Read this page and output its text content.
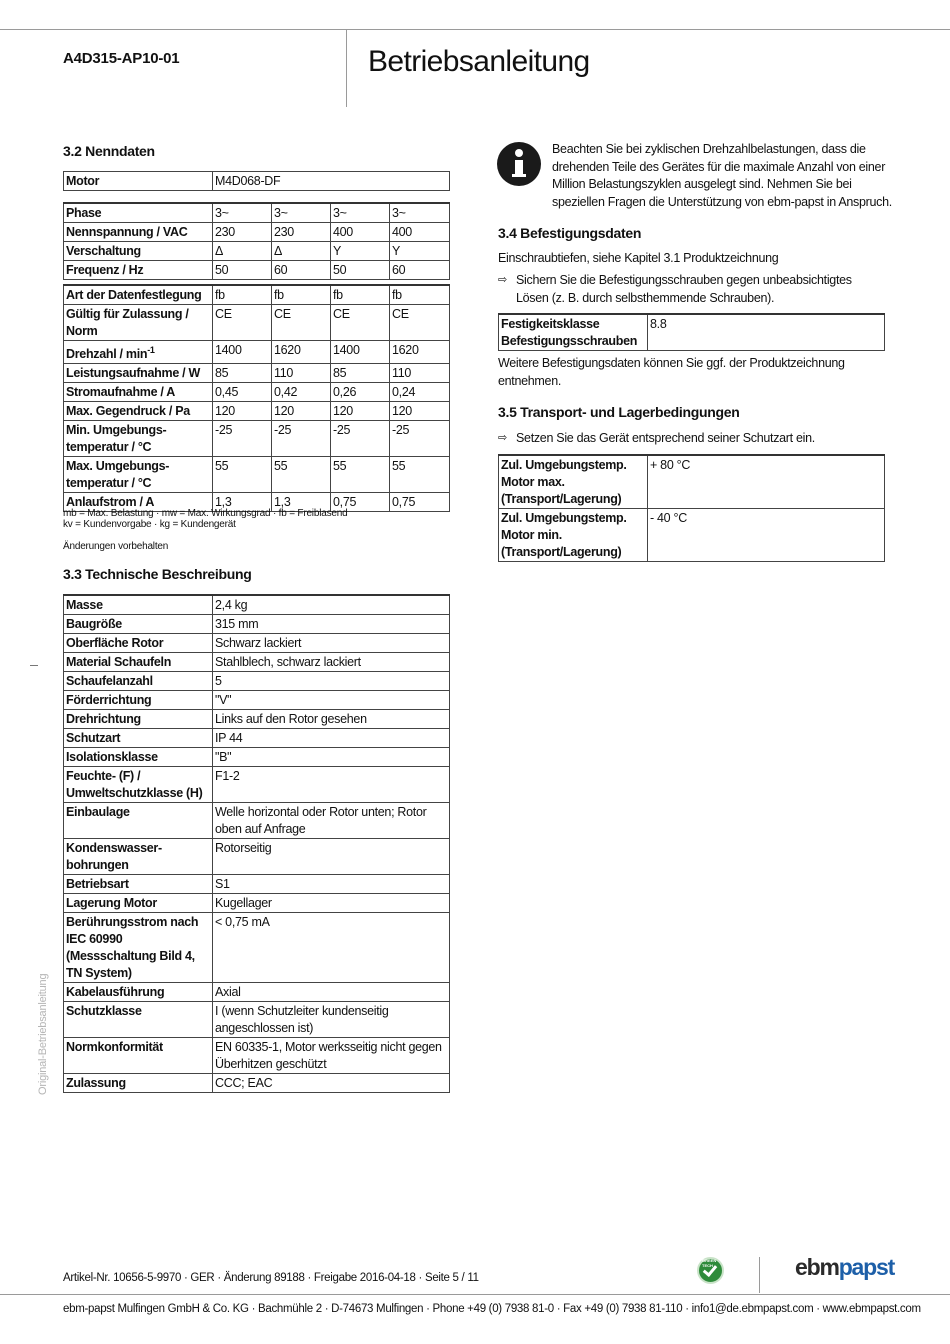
A4D315-AP10-01	Betriebsanleitung
Original-Betriebsanleitung
3.2 Nenndaten
Motor	M4D068-DF
Phase	3~	3~	3~	3~
Nennspannung / VAC	230	230	400	400
Verschaltung	Δ	Δ	Y	Y
Frequenz / Hz	50	60	50	60
Art der Datenfestlegung	fb	fb	fb	fb
Gültig für Zulassung / Norm	CE	CE	CE	CE
Drehzahl / $\min^{-1}$	1400	1620	1400	1620
Leistungsaufnahme / W	85	110	85	110
Stromaufnahme / A	0,45	0,42	0,26	0,24
Max. Gegendruck / Pa	120	120	120	120
Min. Umgebungs- temperatur / °C	-25	-25	-25	-25
Max. Umgebungs- temperatur / °C	55	55	55	55
Anlaufstrom / A	1,3	1,3	0,75	0,75
mb = Max. Belastung · mw = Max. Wirkungsgrad · fb = Freiblasend
kv = Kundenvorgabe · kg = Kundengerät
Änderungen vorbehalten
3.3 Technische Beschreibung
Masse	2,4 kg
Baugröße	315 mm
Oberfläche Rotor	Schwarz lackiert
Material Schaufeln	Stahlblech, schwarz lackiert
Schaufelanzahl	5
Förderrichtung	"V"
Drehrichtung	Links auf den Rotor gesehen
Schutzart	IP 44
Isolationsklasse	"B"
Feuchte- (F) / Umweltschutzklasse (H)	F1-2
Einbaulage	Welle horizontal oder Rotor unten; Rotor oben auf Anfrage
Kondenswasser- bohrungen	Rotorseitig
Betriebsart	S1
Lagerung Motor	Kugellager
Berührungsstrom nach IEC 60990 (Messschaltung Bild 4, TN System)	< 0,75 mA
Kabelausführung	Axial
Schutzklasse	I (wenn Schutzleiter kundenseitig angeschlossen ist)
Normkonformität	EN 60335-1, Motor werksseitig nicht gegen Überhitzen geschützt
Zulassung	CCC; EAC
Beachten Sie bei zyklischen Drehzahlbelastungen, dass die drehenden Teile des Gerätes für die maximale Anzahl von einer Million Belastungszyklen ausgelegt sind. Nehmen Sie bei speziellen Fragen die Unterstützung von ebm-papst in Anspruch.
3.4 Befestigungsdaten
Einschraubtiefen, siehe Kapitel 3.1 Produktzeichnung
⇨ Sichern Sie die Befestigungsschrauben gegen unbeabsichtigtes Lösen (z. B. durch selbsthemmende Schrauben).
Festigkeitsklasse Befestigungsschrauben	8.8
Weitere Befestigungsdaten können Sie ggf. der Produktzeichnung entnehmen.
3.5 Transport- und Lagerbedingungen
⇨ Setzen Sie das Gerät entsprechend seiner Schutzart ein.
Zul. Umgebungstemp. Motor max. (Transport/Lagerung)	+ 80 °C
Zul. Umgebungstemp. Motor min. (Transport/Lagerung)	- 40 °C
Artikel-Nr. 10656-5-9970 · GER · Änderung 89188 · Freigabe 2016-04-18 · Seite 5 / 11
GREEN TECH	ebmpapst
ebm-papst Mulfingen GmbH & Co. KG · Bachmühle 2 · D-74673 Mulfingen · Phone +49 (0) 7938 81-0 · Fax +49 (0) 7938 81-110 · info1@de.ebmpapst.com · www.ebmpapst.com
